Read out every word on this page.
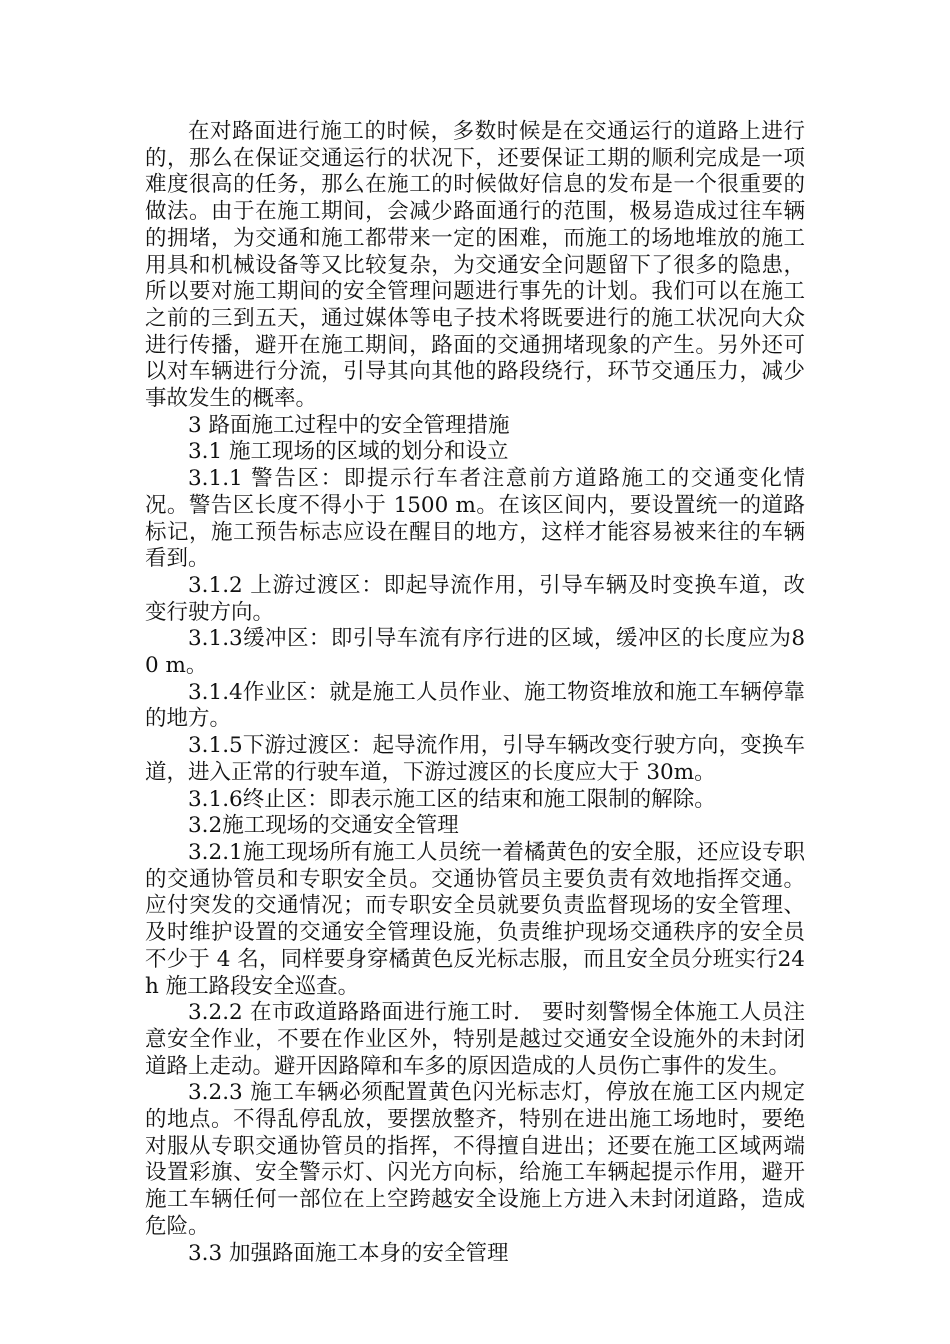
在对路面进行施工的时候，多数时候是在交通运行的道路上进行的，那么在保证交通运行的状况下，还要保证工期的顺利完成是一项难度很高的任务，那么在施工的时候做好信息的发布是一个很重要的做法。由于在施工期间，会减少路面通行的范围，极易造成过往车辆的拥堵，为交通和施工都带来一定的困难，而施工的场地堆放的施工用具和机械设备等又比较复杂，为交通安全问题留下了很多的隐患，所以要对施工期间的安全管理问题进行事先的计划。我们可以在施工之前的三到五天，通过媒体等电子技术将既要进行的施工状况向大众进行传播，避开在施工期间，路面的交通拥堵现象的产生。另外还可以对车辆进行分流，引导其向其他的路段绕行，环节交通压力，减少事故发生的概率。

3 路面施工过程中的安全管理措施

3.1 施工现场的区域的划分和设立

3.1.1 警告区：即提示行车者注意前方道路施工的交通变化情况。警告区长度不得小于 1500 m。在该区间内，要设置统一的道路标记，施工预告标志应设在醒目的地方，这样才能容易被来往的车辆看到。

3.1.2 上游过渡区：即起导流作用，引导车辆及时变换车道，改变行驶方向。

3.1.3缓冲区：即引导车流有序行进的区域，缓冲区的长度应为80 m。

3.1.4作业区：就是施工人员作业、施工物资堆放和施工车辆停靠的地方。

3.1.5下游过渡区：起导流作用，引导车辆改变行驶方向，变换车道，进入正常的行驶车道，下游过渡区的长度应大于 30m。

3.1.6终止区：即表示施工区的结束和施工限制的解除。

3.2施工现场的交通安全管理

3.2.1施工现场所有施工人员统一着橘黄色的安全服，还应设专职的交通协管员和专职安全员。交通协管员主要负责有效地指挥交通。应付突发的交通情况；而专职安全员就要负责监督现场的安全管理、及时维护设置的交通安全管理设施，负责维护现场交通秩序的安全员不少于 4 名，同样要身穿橘黄色反光标志服，而且安全员分班实行24 h 施工路段安全巡查。

3.2.2 在市政道路路面进行施工时． 要时刻警惕全体施工人员注意安全作业，不要在作业区外，特别是越过交通安全设施外的未封闭道路上走动。避开因路障和车多的原因造成的人员伤亡事件的发生。

3.2.3 施工车辆必须配置黄色闪光标志灯，停放在施工区内规定的地点。不得乱停乱放，要摆放整齐，特别在进出施工场地时，要绝对服从专职交通协管员的指挥，不得擅自进出；还要在施工区域两端设置彩旗、安全警示灯、闪光方向标，给施工车辆起提示作用，避开施工车辆任何一部位在上空跨越安全设施上方进入未封闭道路，造成危险。

3.3 加强路面施工本身的安全管理
